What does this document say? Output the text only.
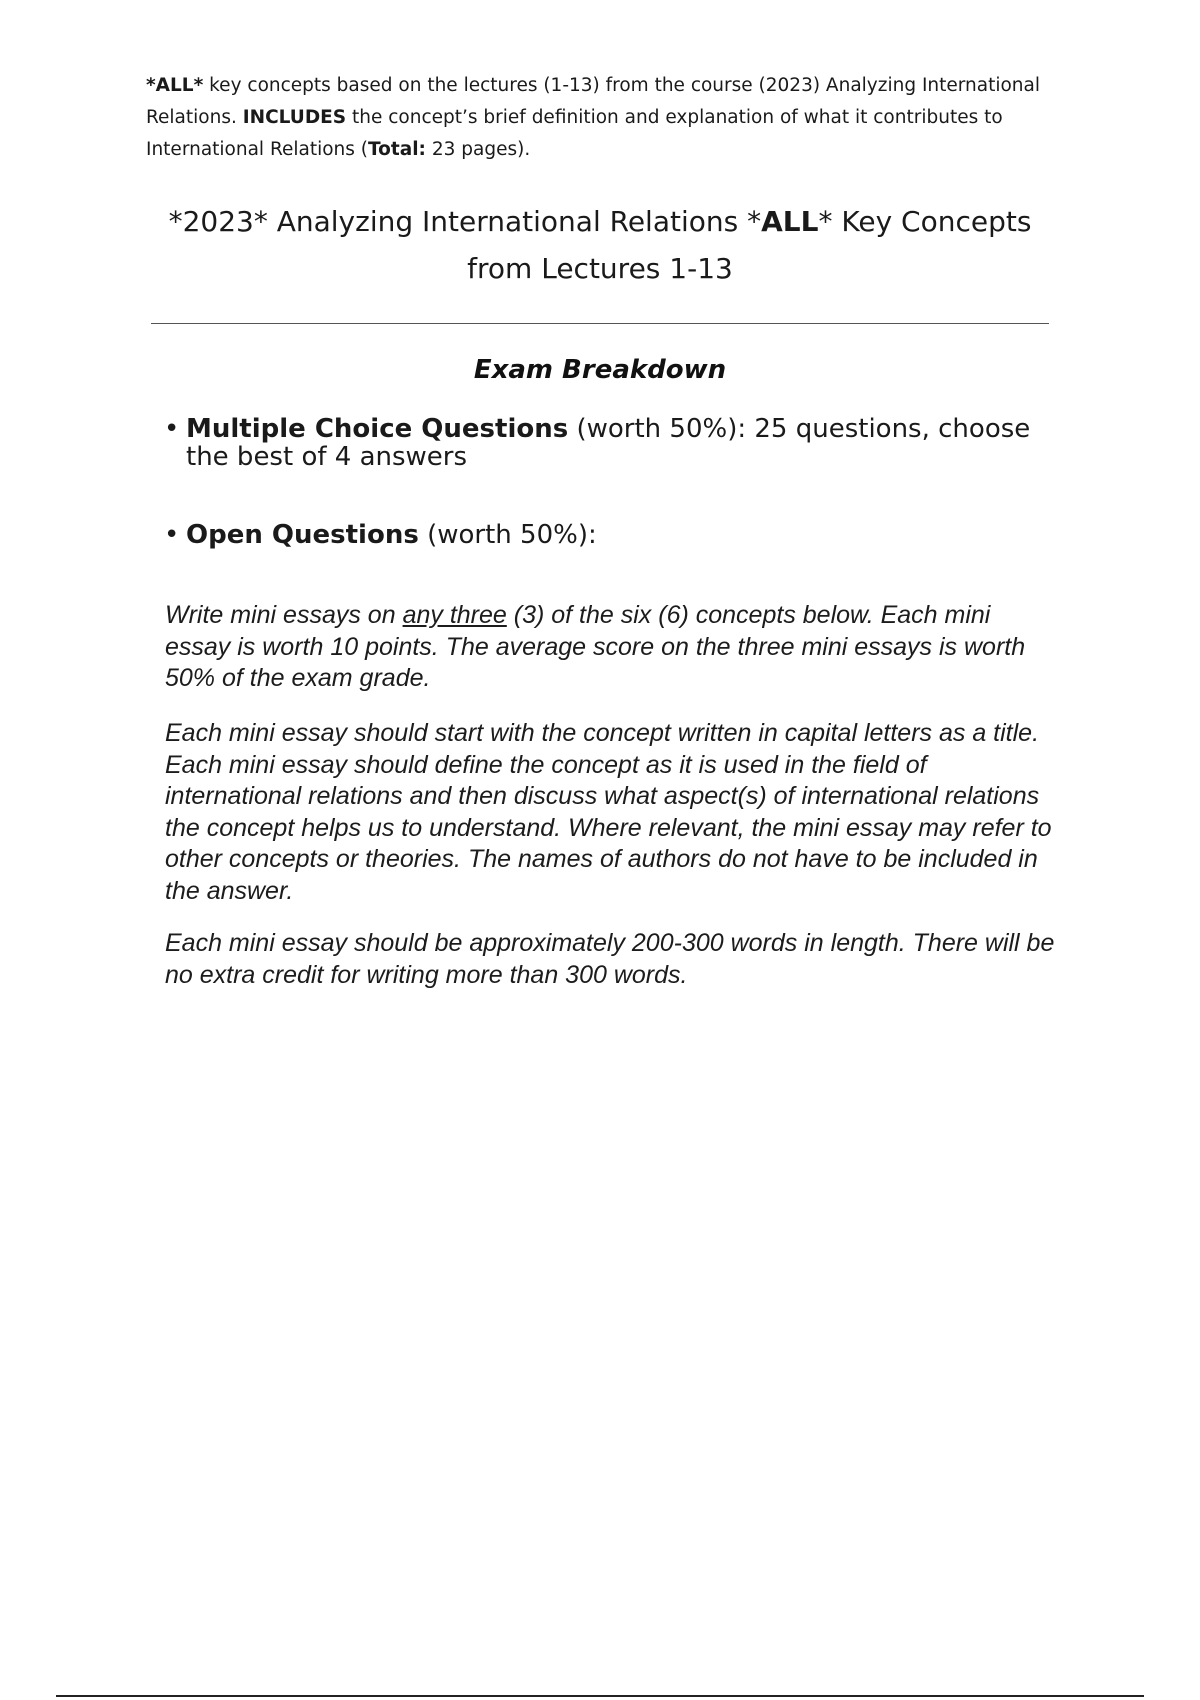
*ALL* key concepts based on the lectures (1-13) from the course (2023) Analyzing International Relations. INCLUDES the concept’s brief definition and explanation of what it contributes to International Relations (Total: 23 pages).
*2023* Analyzing International Relations *ALL* Key Concepts from Lectures 1-13
Exam Breakdown
• Multiple Choice Questions (worth 50%): 25 questions, choose the best of 4 answers
• Open Questions (worth 50%):
Write mini essays on any three (3) of the six (6) concepts below. Each mini essay is worth 10 points. The average score on the three mini essays is worth 50% of the exam grade.
Each mini essay should start with the concept written in capital letters as a title. Each mini essay should define the concept as it is used in the field of international relations and then discuss what aspect(s) of international relations the concept helps us to understand. Where relevant, the mini essay may refer to other concepts or theories. The names of authors do not have to be included in the answer.
Each mini essay should be approximately 200-300 words in length. There will be no extra credit for writing more than 300 words.
